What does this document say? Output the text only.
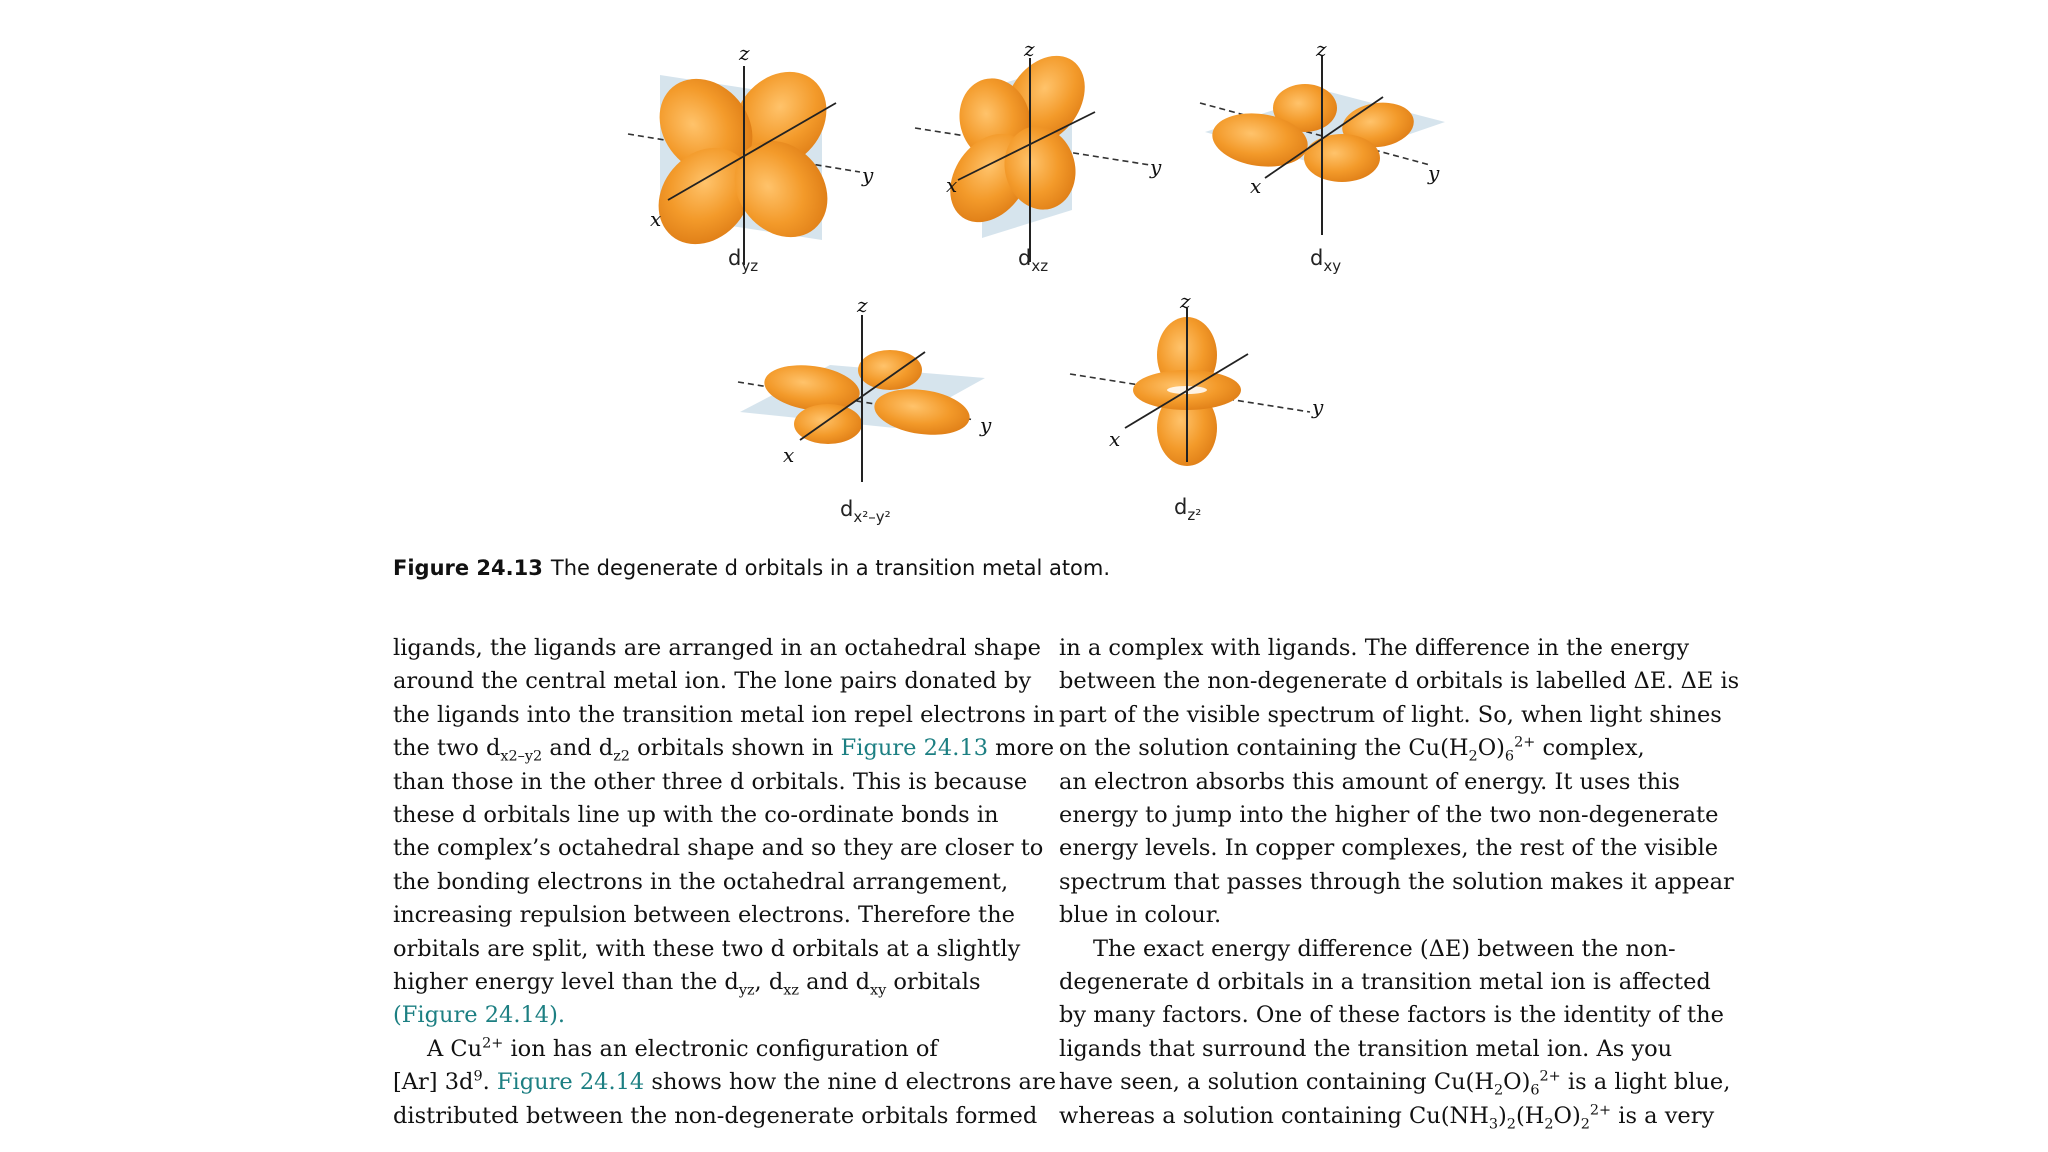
z
y
x
$d_{yz}$
z
y
x
$d_{xz}$
z
y
x
$d_{xy}$
z
y
x
$d_{x^2-y^2}$
z
y
x
$d_{z^2}$
Figure 24.13 The degenerate d orbitals in a transition metal atom.

ligands, the ligands are arranged in an octahedral shape

around the central metal ion. The lone pairs donated by

the ligands into the transition metal ion repel electrons in

the two $d_{x2-y2}$ and $d_{z2}$ orbitals shown in Figure 24.13 more

than those in the other three d orbitals. This is because

these d orbitals line up with the co-ordinate bonds in

the complex’s octahedral shape and so they are closer to

the bonding electrons in the octahedral arrangement,

increasing repulsion between electrons. Therefore the

orbitals are split, with these two d orbitals at a slightly

higher energy level than the $d_{yz}$, $d_{xz}$ and $d_{xy}$ orbitals

(Figure 24.14).

A $Cu^{2+}$ ion has an electronic configuration of

[Ar] $3d^9$. Figure 24.14 shows how the nine d electrons are

distributed between the non-degenerate orbitals formed

in a complex with ligands. The difference in the energy

between the non-degenerate d orbitals is labelled ΔE. ΔE is

part of the visible spectrum of light. So, when light shines

on the solution containing the $Cu(H_2O)_6^{2+}$ complex,

an electron absorbs this amount of energy. It uses this

energy to jump into the higher of the two non-degenerate

energy levels. In copper complexes, the rest of the visible

spectrum that passes through the solution makes it appear

blue in colour.

The exact energy difference (ΔE) between the non-

degenerate d orbitals in a transition metal ion is affected

by many factors. One of these factors is the identity of the

ligands that surround the transition metal ion. As you

have seen, a solution containing $Cu(H_2O)_6^{2+}$ is a light blue,

whereas a solution containing $Cu(NH_3)_2(H_2O)_2^{2+}$ is a very
